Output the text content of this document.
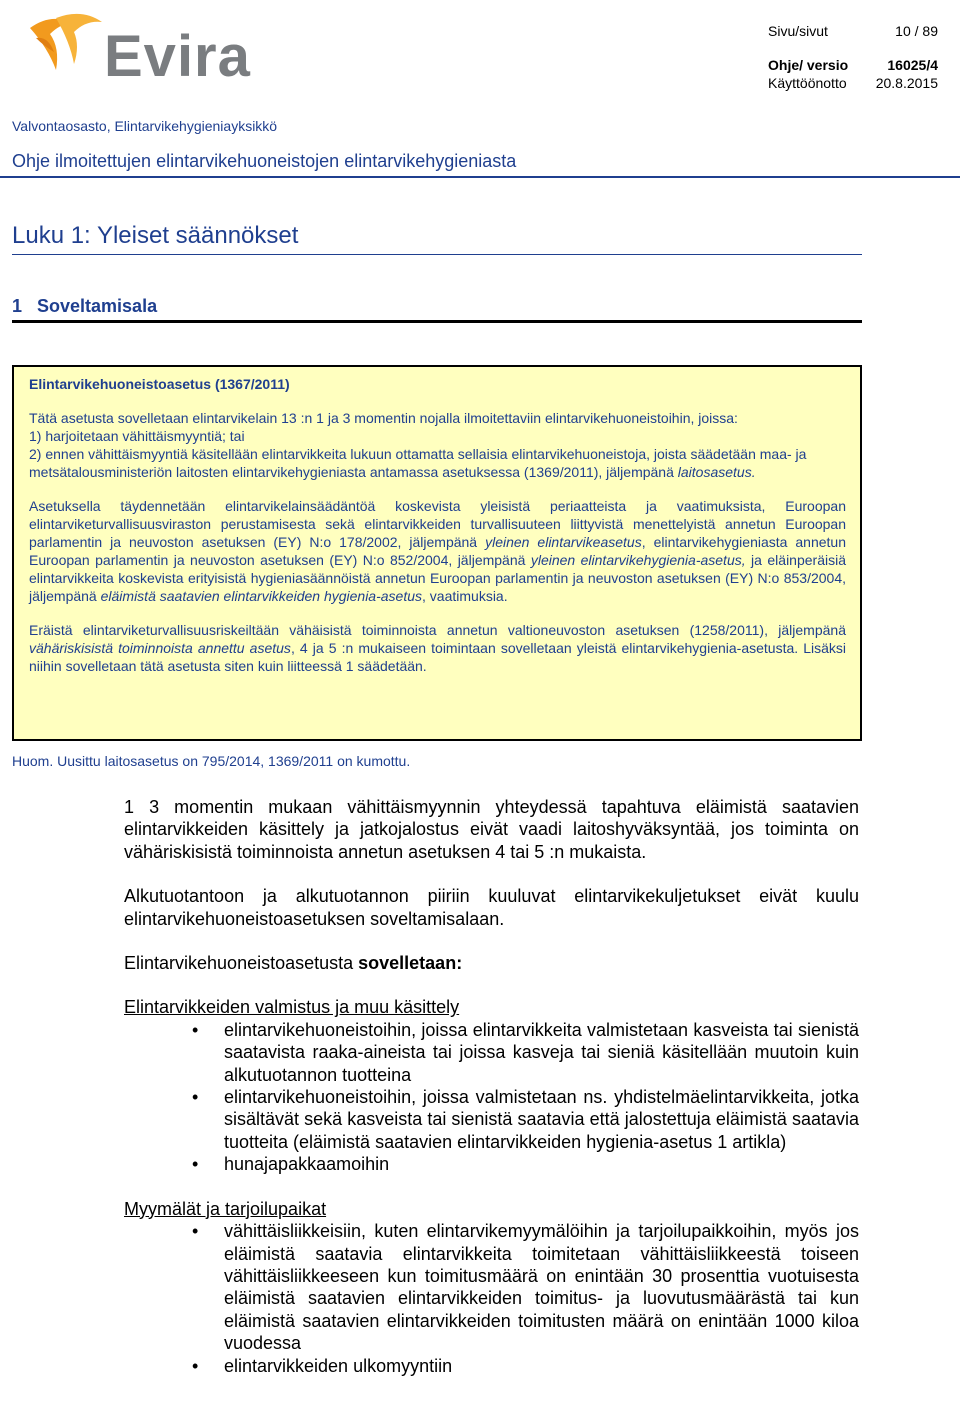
Evira	Sivu/sivut	10 / 89
Ohje/ versio	16025/4
Käyttöönotto 20.8.2015
Valvontaosasto, Elintarvikehygieniayksikkö
Ohje ilmoitettujen elintarvikehuoneistojen elintarvikehygieniasta
Luku 1: Yleiset säännökset
1   Soveltamisala

Elintarvikehuoneistoasetus (1367/2011)

Tätä asetusta sovelletaan elintarvikelain 13 :n 1 ja 3 momentin nojalla ilmoitettaviin elintarvikehuoneistoihin, joissa:
1) harjoitetaan vähittäismyyntiä; tai
2) ennen vähittäismyyntiä käsitellään elintarvikkeita lukuun ottamatta sellaisia elintarvikehuoneistoja, joista säädetään maa- ja metsätalousministeriön laitosten elintarvikehygieniasta antamassa asetuksessa (1369/2011), jäljempänä laitosasetus.

Asetuksella täydennetään elintarvikelainsäädäntöä koskevista yleisistä periaatteista ja vaatimuksista, Euroopan elintarviketurvallisuusviraston perustamisesta sekä elintarvikkeiden turvallisuuteen liittyvistä menettelyistä annetun Euroopan parlamentin ja neuvoston asetuksen (EY) N:o 178/2002, jäljempänä yleinen elintarvikeasetus, elintarvikehygieniasta annetun Euroopan parlamentin ja neuvoston asetuksen (EY) N:o 852/2004, jäljempänä yleinen elintarvikehygienia-asetus, ja eläinperäisiä elintarvikkeita koskevista erityisistä hygieniasäännöistä annetun Euroopan parlamentin ja neuvoston asetuksen (EY) N:o 853/2004, jäljempänä eläimistä saatavien elintarvikkeiden hygienia-asetus, vaatimuksia.

Eräistä elintarviketurvallisuusriskeiltään vähäisistä toiminnoista annetun valtioneuvoston asetuksen (1258/2011), jäljempänä vähäriskisistä toiminnoista annettu asetus, 4 ja 5 :n mukaiseen toimintaan sovelletaan yleistä elintarvikehygienia-asetusta. Lisäksi niihin sovelletaan tätä asetusta siten kuin liitteessä 1 säädetään.

Huom. Uusittu laitosasetus on 795/2014, 1369/2011 on kumottu.

1 3 momentin mukaan vähittäismyynnin yhteydessä tapahtuva eläimistä saatavien elintarvikkeiden käsittely ja jatkojalostus eivät vaadi laitoshyväksyntää, jos toiminta on vähäriskisistä toiminnoista annetun asetuksen 4 tai 5 :n mukaista.

Alkutuotantoon ja alkutuotannon piiriin kuuluvat elintarvikekuljetukset eivät kuulu elintarvikehuoneistoasetuksen soveltamisalaan.

Elintarvikehuoneistoasetusta sovelletaan:

Elintarvikkeiden valmistus ja muu käsittely

• elintarvikehuoneistoihin, joissa elintarvikkeita valmistetaan kasveista tai sienistä saatavista raaka-aineista tai joissa kasveja tai sieniä käsitellään muutoin kuin alkutuotannon tuotteina
• elintarvikehuoneistoihin, joissa valmistetaan ns. yhdistelmäelintarvikkeita, jotka sisältävät sekä kasveista tai sienistä saatavia että jalostettuja eläimistä saatavia tuotteita (eläimistä saatavien elintarvikkeiden hygienia-asetus 1 artikla)
• hunajapakkaamoihin

Myymälät ja tarjoilupaikat

• vähittäisliikkeisiin, kuten elintarvikemyymälöihin ja tarjoilupaikkoihin, myös jos eläimistä saatavia elintarvikkeita toimitetaan vähittäisliikkeestä toiseen vähittäisliikkeeseen kun toimitusmäärä on enintään 30 prosenttia vuotuisesta eläimistä saatavien elintarvikkeiden toimitus- ja luovutusmäärästä tai kun eläimistä saatavien elintarvikkeiden toimitusten määrä on enintään 1000 kiloa vuodessa
• elintarvikkeiden ulkomyyntiin
